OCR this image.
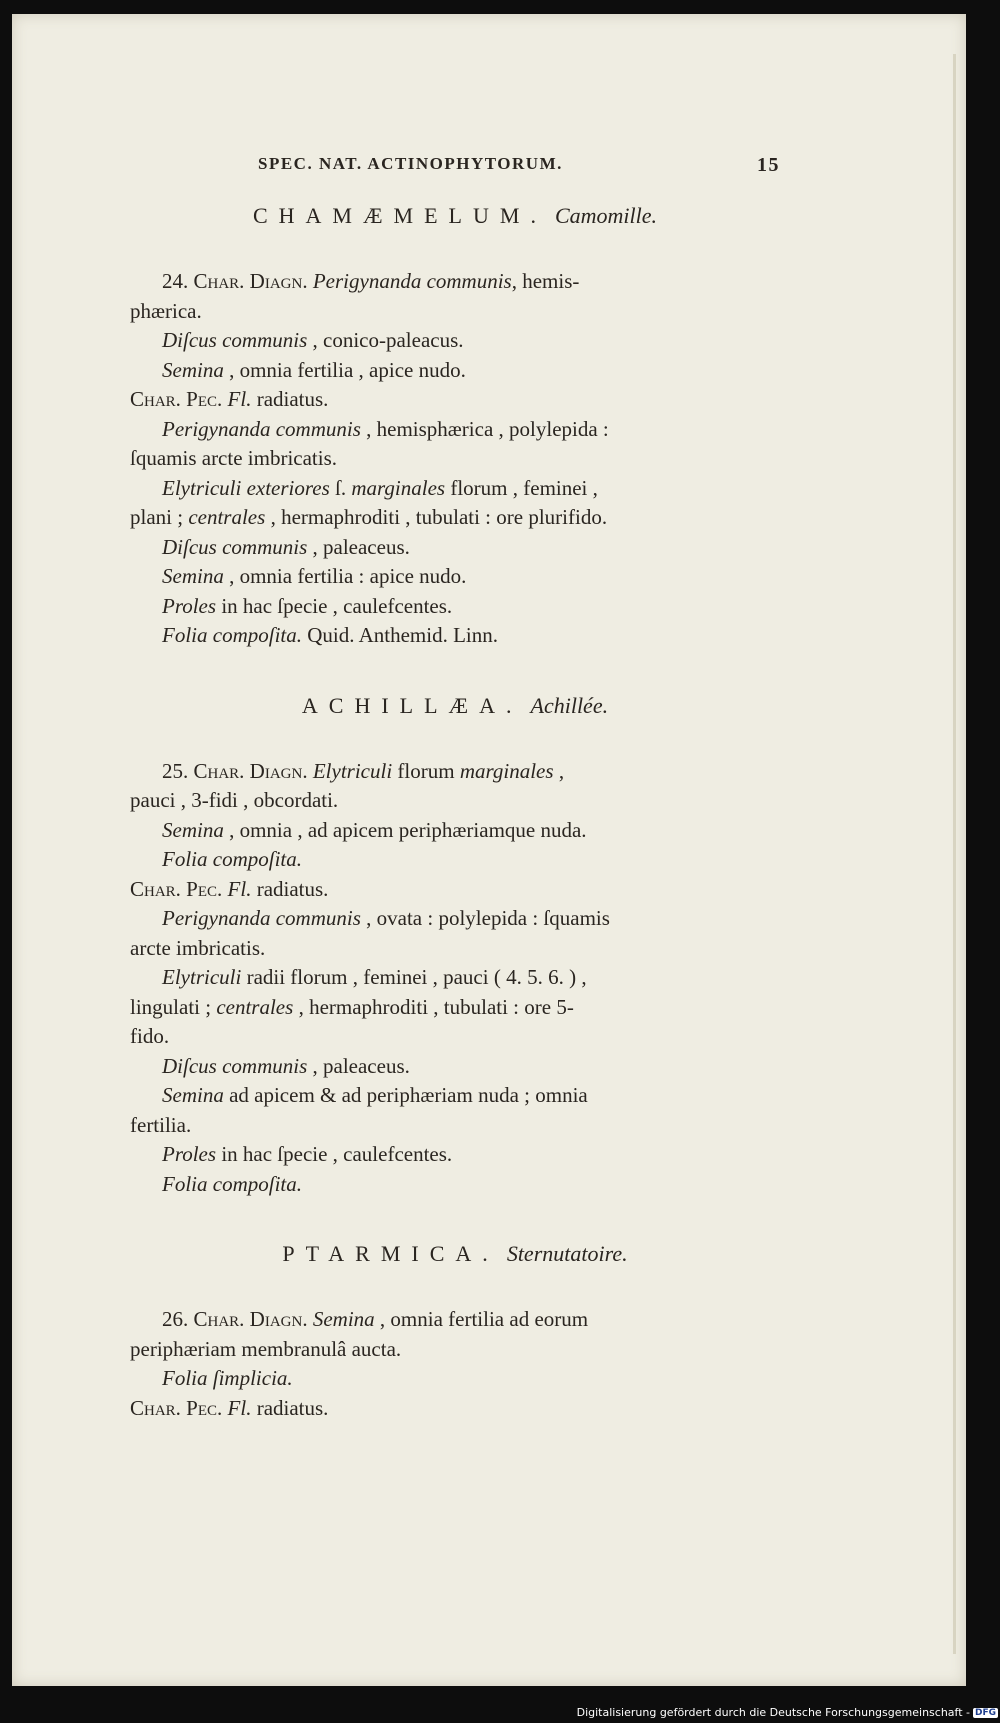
SPEC. NAT. ACTINOPHYTORUM.	15
CHAMÆMELUM. Camomille.

24. Char. Diagn. Perigynanda communis, hemis-

phærica.

Diſcus communis , conico-paleacus.

Semina , omnia fertilia , apice nudo.

Char. Pec. Fl. radiatus.

Perigynanda communis , hemisphærica , polylepida :

ſquamis arcte imbricatis.

Elytriculi exteriores ſ. marginales florum , feminei ,

plani ; centrales , hermaphroditi , tubulati : ore plurifido.

Diſcus communis , paleaceus.

Semina , omnia fertilia : apice nudo.

Proles in hac ſpecie , caulefcentes.

Folia compoſita. Quid. Anthemid. Linn.

ACHILLÆA. Achillée.

25. Char. Diagn. Elytriculi florum marginales ,

pauci , 3-fidi , obcordati.

Semina , omnia , ad apicem periphæriamque nuda.

Folia compoſita.

Char. Pec. Fl. radiatus.

Perigynanda communis , ovata : polylepida : ſquamis

arcte imbricatis.

Elytriculi radii florum , feminei , pauci ( 4. 5. 6. ) ,

lingulati ; centrales , hermaphroditi , tubulati : ore 5-

fido.

Diſcus communis , paleaceus.

Semina ad apicem & ad periphæriam nuda ; omnia

fertilia.

Proles in hac ſpecie , caulefcentes.

Folia compoſita.

PTARMICA. Sternutatoire.

26. Char. Diagn. Semina , omnia fertilia ad eorum

periphæriam membranulâ aucta.

Folia ſimplicia.

Char. Pec. Fl. radiatus.

Digitalisierung gefördert durch die Deutsche Forschungsgemeinschaft - DFG
